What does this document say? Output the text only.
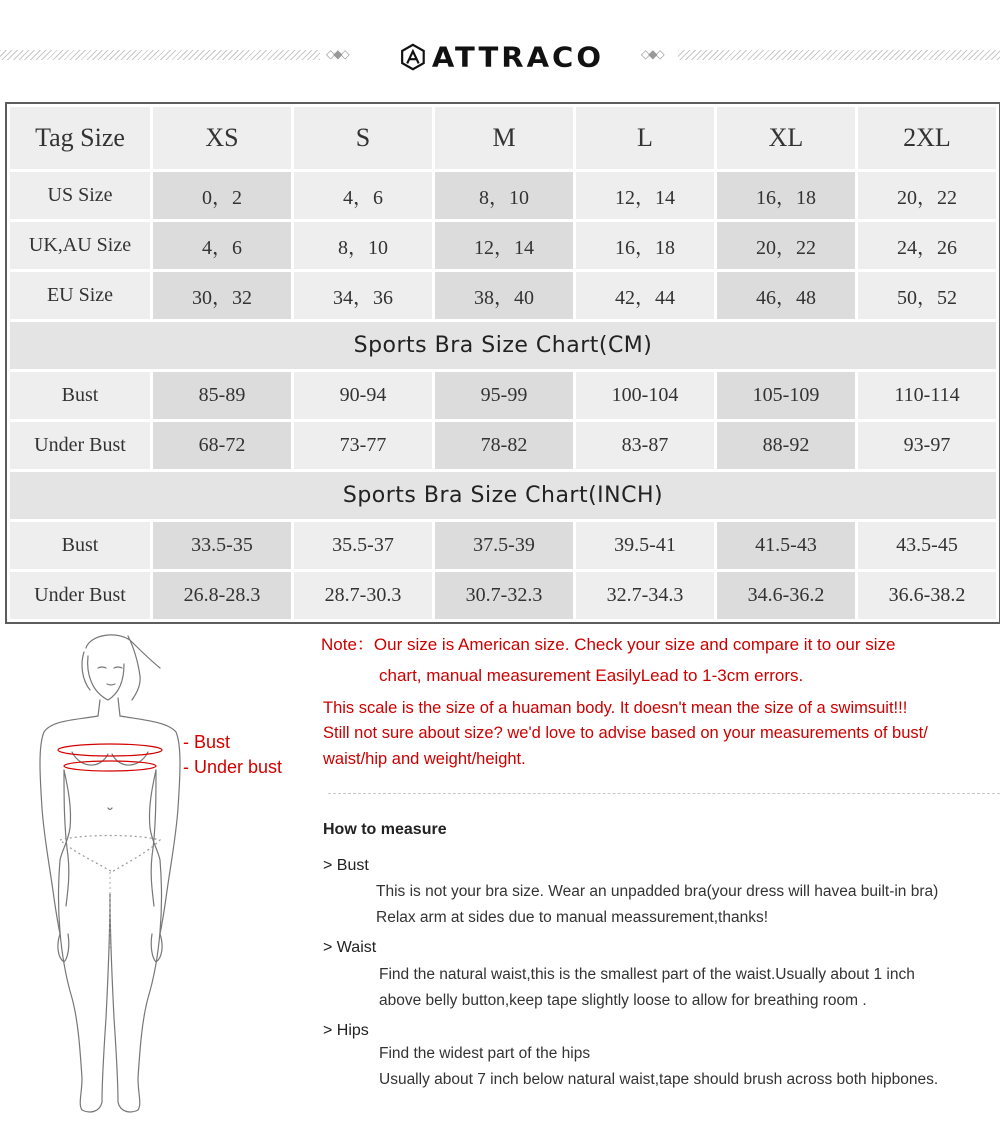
◇◆◇	ATTRACO	◇◆◇
Tag Size	XS	S	M	L	XL	2XL
US Size	0，2	4，6	8，10	12，14	16，18	20，22
UK,AU Size	4，6	8，10	12，14	16，18	20，22	24，26
EU Size	30，32	34，36	38，40	42，44	46，48	50，52
Sports Bra Size Chart(CM)						
Bust	85-89	90-94	95-99	100-104	105-109	110-114
Under Bust	68-72	73-77	78-82	83-87	88-92	93-97
Sports Bra Size Chart(INCH)						
Bust	33.5-35	35.5-37	37.5-39	39.5-41	41.5-43	43.5-45
Under Bust	26.8-28.3	28.7-30.3	30.7-32.3	32.7-34.3	34.6-36.2	36.6-38.2
- Bust
- Under bust
Note：Our size is American size. Check your size and compare it to our size
chart, manual measurement EasilyLead to 1-3cm errors.
This scale is the size of a huaman body. It doesn't mean the size of a swimsuit!!!
Still not sure about size? we'd love to advise based on your measurements of bust/
waist/hip and weight/height.
How to measure
> Bust
This is not your bra size. Wear an unpadded bra(your dress will havea built-in bra)
Relax arm at sides due to manual meassurement,thanks!
> Waist
Find the natural waist,this is the smallest part of the waist.Usually about 1 inch
above belly button,keep tape slightly loose to allow for breathing room .
> Hips
Find the widest part of the hips
Usually about 7 inch below natural waist,tape should brush across both hipbones.
